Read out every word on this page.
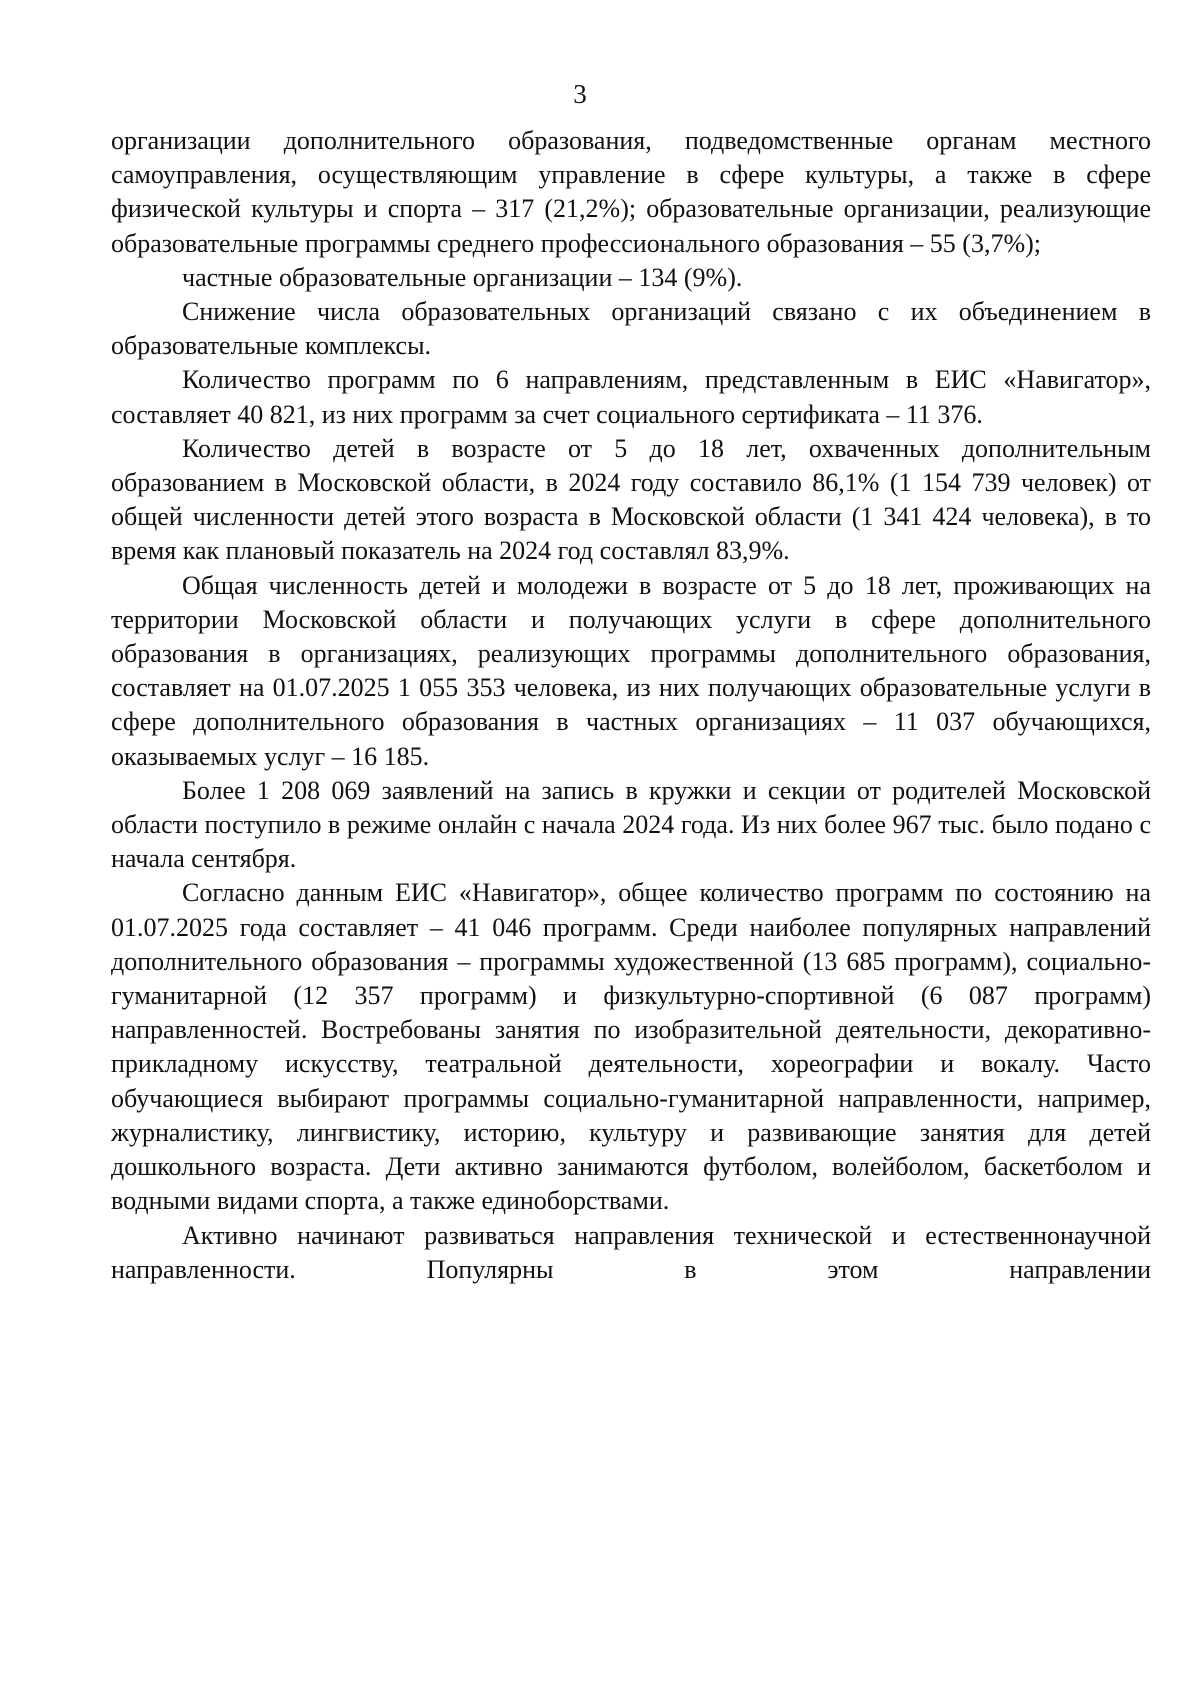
3

организации дополнительного образования, подведомственные органам местного самоуправления, осуществляющим управление в сфере культуры, а также в сфере физической культуры и спорта – 317 (21,2%); образовательные организации, реализующие образовательные программы среднего профессионального образования – 55 (3,7%);

частные образовательные организации – 134 (9%).

Снижение числа образовательных организаций связано с их объединением в образовательные комплексы.

Количество программ по 6 направлениям, представленным в ЕИС «Навигатор», составляет 40 821, из них программ за счет социального сертификата – 11 376.

Количество детей в возрасте от 5 до 18 лет, охваченных дополнительным образованием в Московской области, в 2024 году составило 86,1% (1 154 739 человек) от общей численности детей этого возраста в Московской области (1 341 424 человека), в то время как плановый показатель на 2024 год составлял 83,9%.

Общая численность детей и молодежи в возрасте от 5 до 18 лет, проживающих на территории Московской области и получающих услуги в сфере дополнительного образования в организациях, реализующих программы дополнительного образования, составляет на 01.07.2025 1 055 353 человека, из них получающих образовательные услуги в сфере дополнительного образования в частных организациях – 11 037 обучающихся, оказываемых услуг – 16 185.

Более 1 208 069 заявлений на запись в кружки и секции от родителей Московской области поступило в режиме онлайн с начала 2024 года. Из них более 967 тыс. было подано с начала сентября.

Согласно данным ЕИС «Навигатор», общее количество программ по состоянию на 01.07.2025 года составляет – 41 046 программ. Среди наиболее популярных направлений дополнительного образования – программы художественной (13 685 программ), социально-гуманитарной (12 357 программ) и физкультурно-спортивной (6 087 программ) направленностей. Востребованы занятия по изобразительной деятельности, декоративно-прикладному искусству, театральной деятельности, хореографии и вокалу. Часто обучающиеся выбирают программы социально-гуманитарной направленности, например, журналистику, лингвистику, историю, культуру и развивающие занятия для детей дошкольного возраста. Дети активно занимаются футболом, волейболом, баскетболом и водными видами спорта, а также единоборствами.

Активно начинают развиваться направления технической и естественнонаучной направленности. Популярны в этом направлении
